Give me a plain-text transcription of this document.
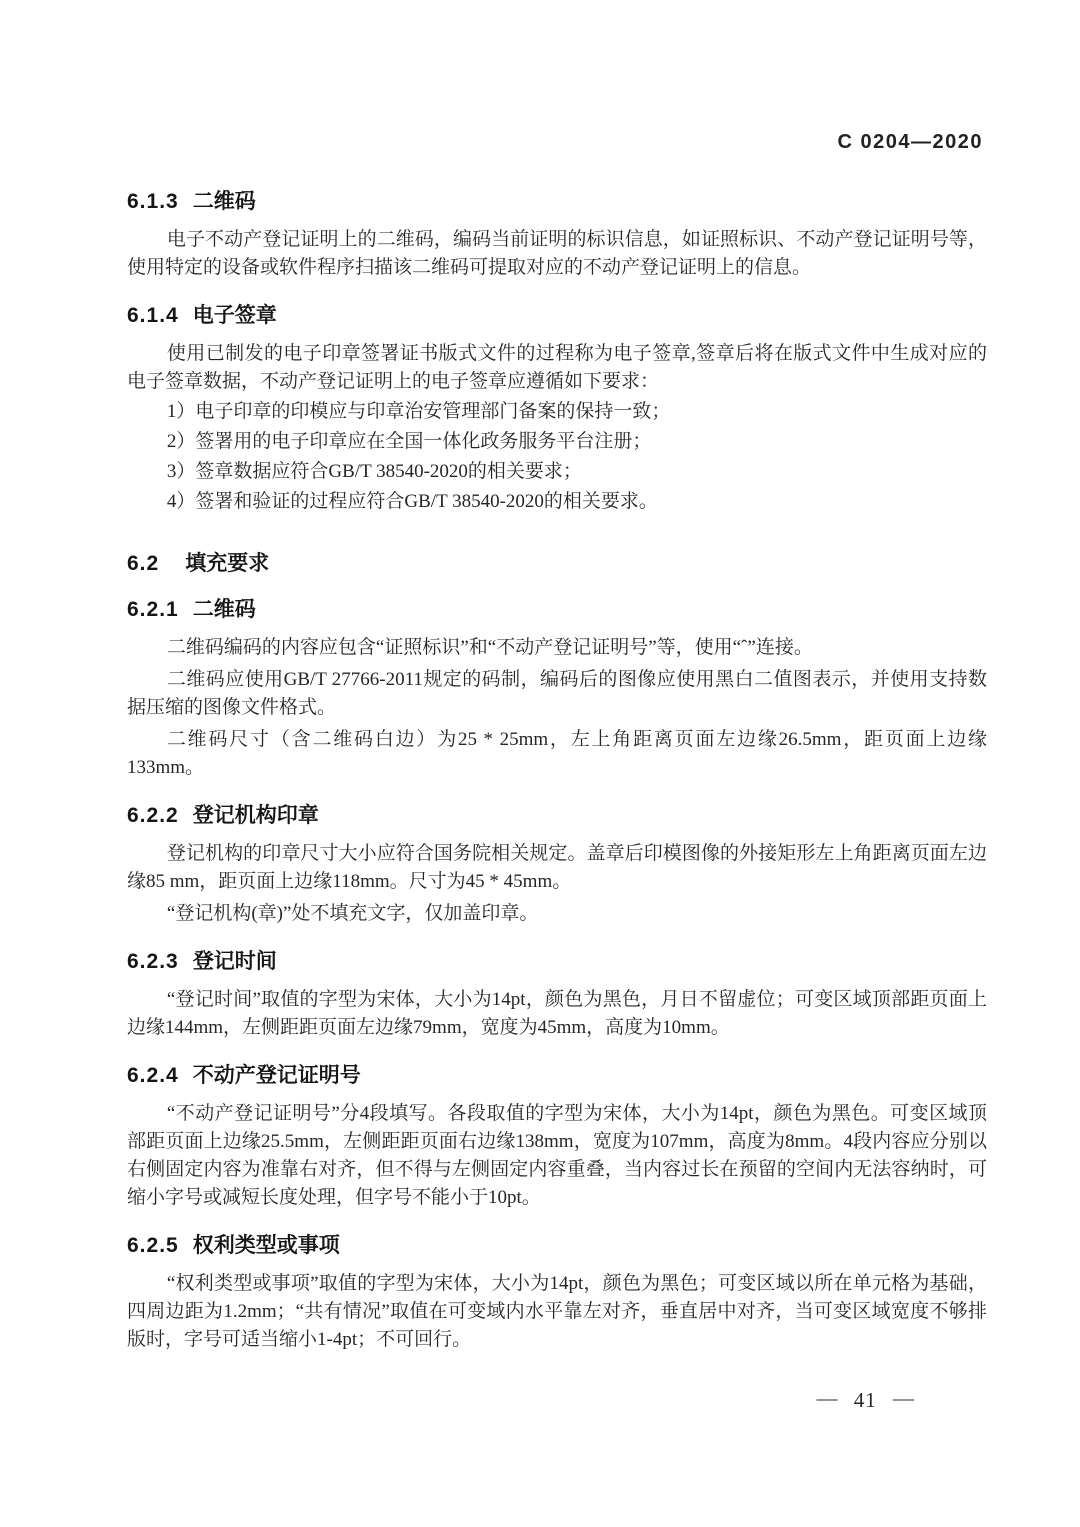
C 0204—2020
6.1.3 二维码

电子不动产登记证明上的二维码，编码当前证明的标识信息，如证照标识、不动产登记证明号等，使用特定的设备或软件程序扫描该二维码可提取对应的不动产登记证明上的信息。

6.1.4 电子签章

使用已制发的电子印章签署证书版式文件的过程称为电子签章,签章后将在版式文件中生成对应的电子签章数据，不动产登记证明上的电子签章应遵循如下要求：

1）电子印章的印模应与印章治安管理部门备案的保持一致；
2）签署用的电子印章应在全国一体化政务服务平台注册；
3）签章数据应符合GB/T 38540-2020的相关要求；
4）签署和验证的过程应符合GB/T 38540-2020的相关要求。
6.2 填充要求
6.2.1 二维码

二维码编码的内容应包含“证照标识”和“不动产登记证明号”等，使用“ˆ”连接。

二维码应使用GB/T 27766-2011规定的码制，编码后的图像应使用黑白二值图表示，并使用支持数据压缩的图像文件格式。

二维码尺寸（含二维码白边）为25 * 25mm，左上角距离页面左边缘26.5mm，距页面上边缘133mm。

6.2.2 登记机构印章

登记机构的印章尺寸大小应符合国务院相关规定。盖章后印模图像的外接矩形左上角距离页面左边缘85 mm，距页面上边缘118mm。尺寸为45 * 45mm。

“登记机构(章)”处不填充文字，仅加盖印章。

6.2.3 登记时间

“登记时间”取值的字型为宋体，大小为14pt，颜色为黑色，月日不留虚位；可变区域顶部距页面上边缘144mm，左侧距距页面左边缘79mm，宽度为45mm，高度为10mm。

6.2.4 不动产登记证明号

“不动产登记证明号”分4段填写。各段取值的字型为宋体，大小为14pt，颜色为黑色。可变区域顶部距页面上边缘25.5mm，左侧距距页面右边缘138mm，宽度为107mm，高度为8mm。4段内容应分别以右侧固定内容为准靠右对齐，但不得与左侧固定内容重叠，当内容过长在预留的空间内无法容纳时，可缩小字号或减短长度处理，但字号不能小于10pt。

6.2.5 权利类型或事项

“权利类型或事项”取值的字型为宋体，大小为14pt，颜色为黑色；可变区域以所在单元格为基础，四周边距为1.2mm；“共有情况”取值在可变域内水平靠左对齐，垂直居中对齐，当可变区域宽度不够排版时，字号可适当缩小1-4pt；不可回行。

— 41 —
